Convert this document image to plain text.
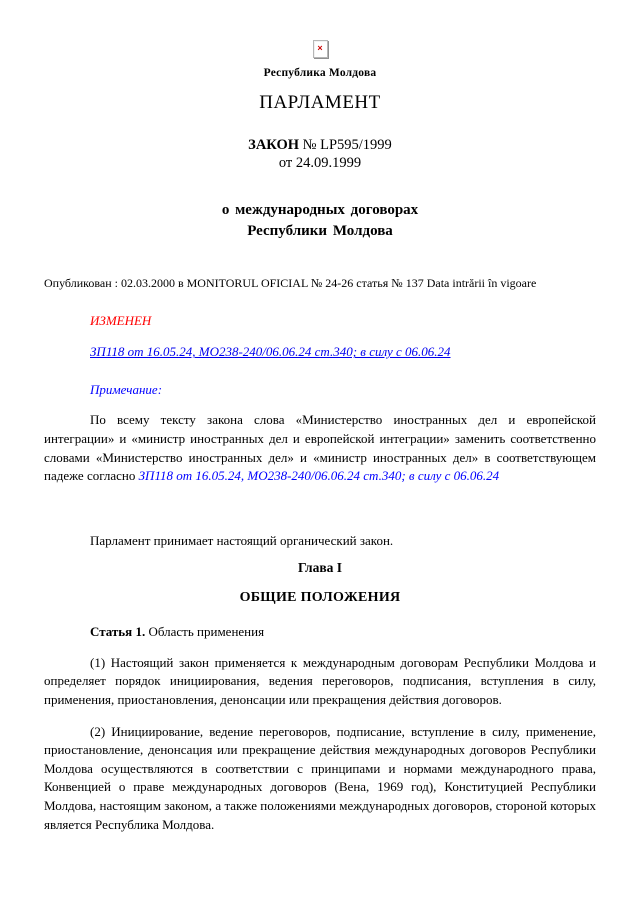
×
Республика Молдова
ПАРЛАМЕНТ
ЗАКОН № LP595/1999
от 24.09.1999
о международных договорах
Республики Молдова
Опубликован : 02.03.2000 в MONITORUL OFICIAL № 24-26 статья № 137 Data intrării în vigoare
ИЗМЕНЕН
ЗП118 от 16.05.24, МО238-240/06.06.24 ст.340; в силу с 06.06.24
Примечание:
По всему тексту закона слова «Министерство иностранных дел и европейской интеграции» и «министр иностранных дел и европейской интеграции» заменить соответственно словами «Министерство иностранных дел» и «министр иностранных дел» в соответствующем падеже согласно ЗП118 от 16.05.24, МО238-240/06.06.24 ст.340; в силу с 06.06.24
Парламент принимает настоящий органический закон.
Глава I
ОБЩИЕ ПОЛОЖЕНИЯ
Статья 1. Область применения
(1) Настоящий закон применяется к международным договорам Республики Молдова и определяет порядок инициирования, ведения переговоров, подписания, вступления в силу, применения, приостановления, денонсации или прекращения действия договоров.
(2) Инициирование, ведение переговоров, подписание, вступление в силу, применение, приостановление, денонсация или прекращение действия международных договоров Республики Молдова осуществляются в соответствии с принципами и нормами международного права, Конвенцией о праве международных договоров (Вена, 1969 год), Конституцией Республики Молдова, настоящим законом, а также положениями международных договоров, стороной которых является Республика Молдова.
